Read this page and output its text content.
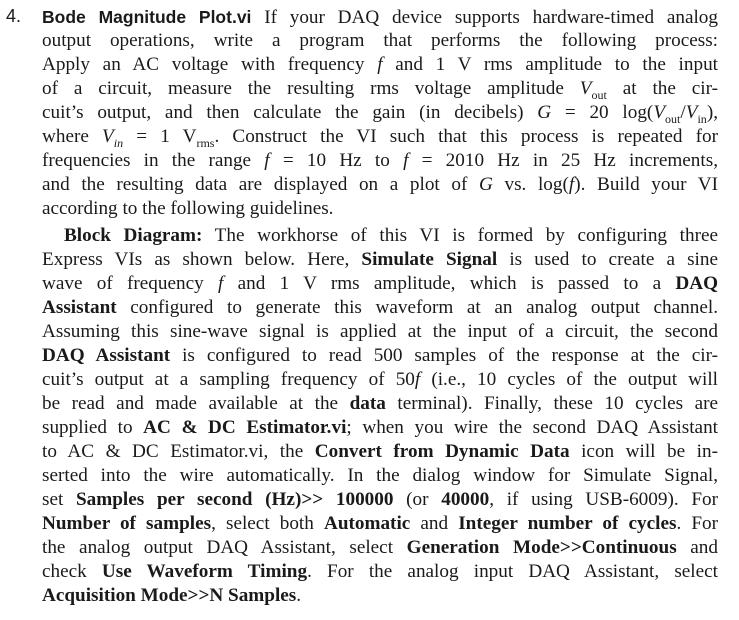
4. Bode Magnitude Plot.vi If your DAQ device supports hardware-timed analog
output operations, write a program that performs the following process:
Apply an AC voltage with frequency f and 1 V rms amplitude to the input
of a circuit, measure the resulting rms voltage amplitude $V_{out}$ at the cir-
cuit’s output, and then calculate the gain (in decibels) G = 20 $\log(V_{out}/V_{in})$,
where $V_{in} = 1$ $V_{rms}$. Construct the VI such that this process is repeated for
frequencies in the range f = 10 Hz to f = 2010 Hz in 25 Hz increments,
and the resulting data are displayed on a plot of G vs. log(f). Build your VI
according to the following guidelines.
Block Diagram: The workhorse of this VI is formed by configuring three
Express VIs as shown below. Here, Simulate Signal is used to create a sine
wave of frequency f and 1 V rms amplitude, which is passed to a DAQ
Assistant configured to generate this waveform at an analog output channel.
Assuming this sine-wave signal is applied at the input of a circuit, the second
DAQ Assistant is configured to read 500 samples of the response at the cir-
cuit’s output at a sampling frequency of 50f (i.e., 10 cycles of the output will
be read and made available at the data terminal). Finally, these 10 cycles are
supplied to AC & DC Estimator.vi; when you wire the second DAQ Assistant
to AC & DC Estimator.vi, the Convert from Dynamic Data icon will be in-
serted into the wire automatically. In the dialog window for Simulate Signal,
set Samples per second (Hz)>> 100000 (or 40000, if using USB-6009). For
Number of samples, select both Automatic and Integer number of cycles. For
the analog output DAQ Assistant, select Generation Mode>>Continuous and
check Use Waveform Timing. For the analog input DAQ Assistant, select
Acquisition Mode>>N Samples.
